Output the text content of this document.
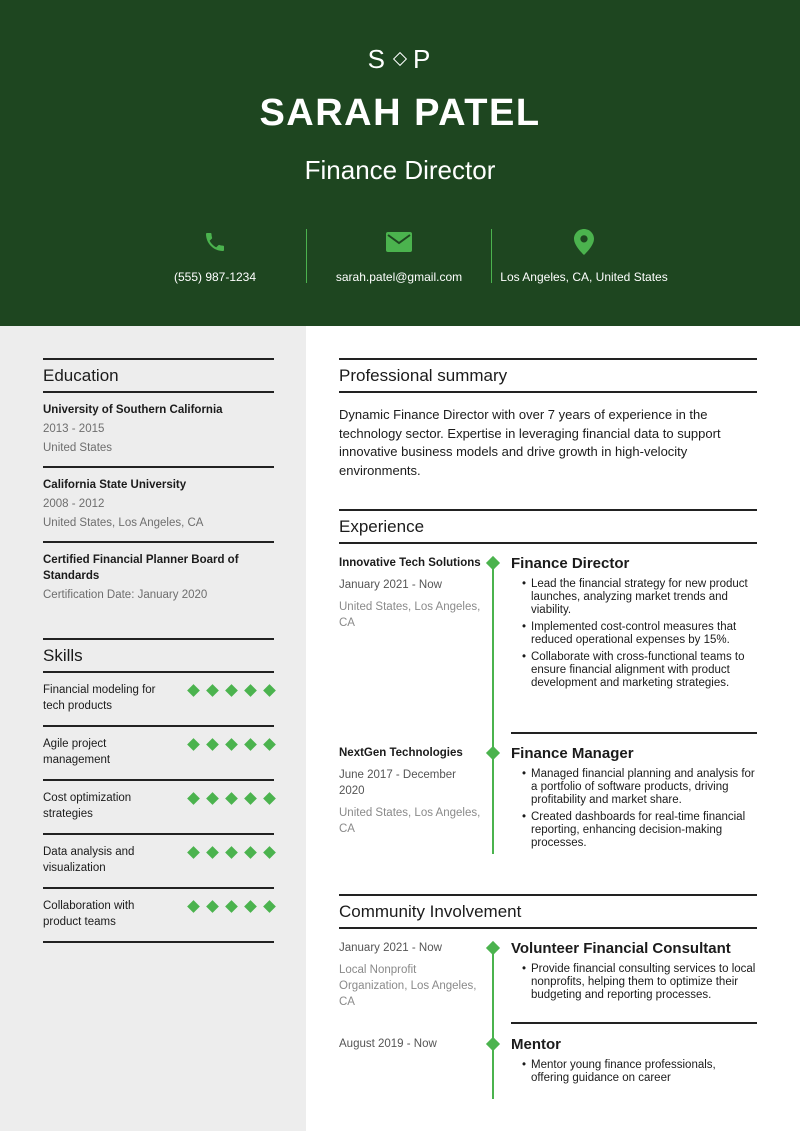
S P
SARAH PATEL
Finance Director
(555) 987-1234	sarah.patel@gmail.com	Los Angeles, CA, United States
Education
University of Southern California
2013 - 2015
United States
California State University
2008 - 2012
United States, Los Angeles, CA
Certified Financial Planner Board of Standards
Certification Date: January 2020
Skills
Financial modeling for tech products
Agile project management
Cost optimization strategies
Data analysis and visualization
Collaboration with product teams
Professional summary
Dynamic Finance Director with over 7 years of experience in the technology sector. Expertise in leveraging financial data to support innovative business models and drive growth in high-velocity environments.
Experience
Innovative Tech Solutions
January 2021 - Now
United States, Los Angeles, CA
Finance Director
• Lead the financial strategy for new product launches, analyzing market trends and viability.
• Implemented cost-control measures that reduced operational expenses by 15%.
• Collaborate with cross-functional teams to ensure financial alignment with product development and marketing strategies.
NextGen Technologies
June 2017 - December 2020
United States, Los Angeles, CA
Finance Manager
• Managed financial planning and analysis for a portfolio of software products, driving profitability and market share.
• Created dashboards for real-time financial reporting, enhancing decision-making processes.
Community Involvement
January 2021 - Now
Local Nonprofit Organization, Los Angeles, CA
Volunteer Financial Consultant
• Provide financial consulting services to local nonprofits, helping them to optimize their budgeting and reporting processes.
August 2019 - Now	Mentor
• Mentor young finance professionals, offering guidance on career
